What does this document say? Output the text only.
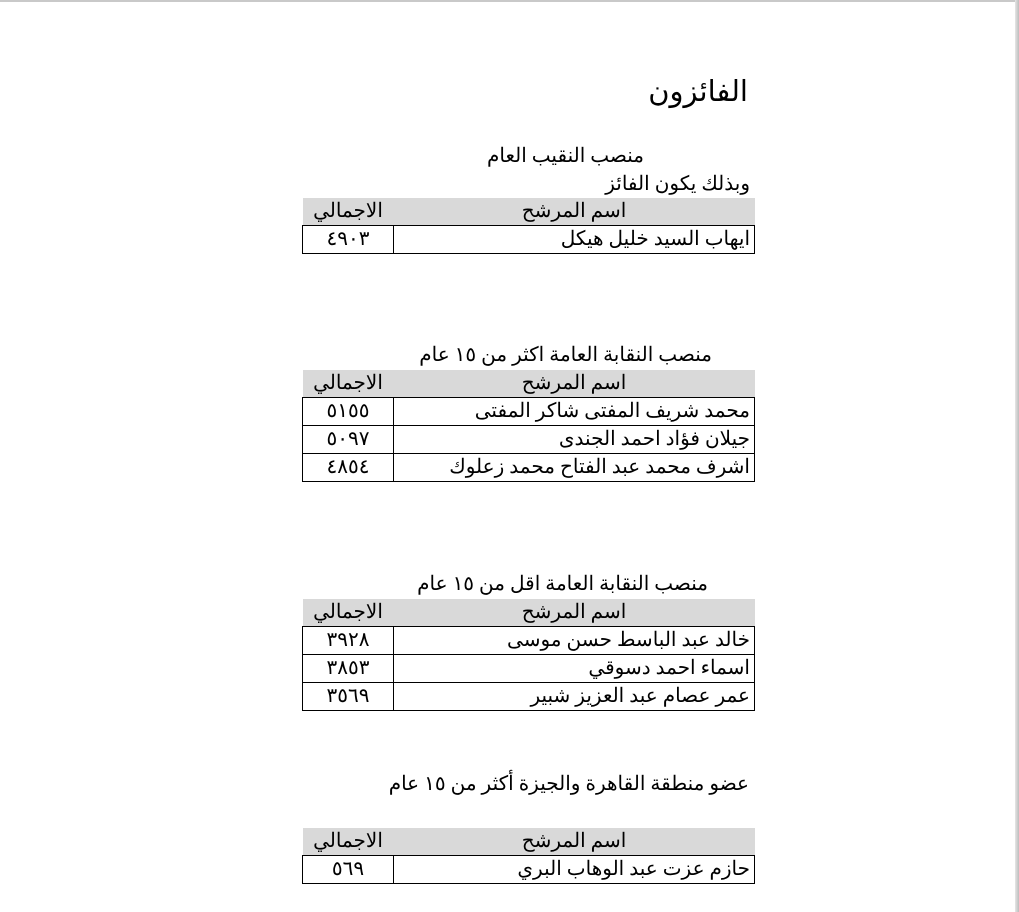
الفائزون
منصب النقيب العام
وبذلك يكون الفائز
اسم المرشح	الاجمالي
ايهاب السيد خليل هيكل	٤٩٠٣
منصب النقابة العامة اكثر من ١٥ عام
اسم المرشح	الاجمالي
محمد شريف المفتى شاكر المفتى	٥١٥٥
جيلان فؤاد احمد الجندى	٥٠٩٧
اشرف محمد عبد الفتاح محمد زعلوك	٤٨٥٤
منصب النقابة العامة اقل من ١٥ عام
اسم المرشح	الاجمالي
خالد عبد الباسط حسن موسى	٣٩٢٨
اسماء احمد دسوقي	٣٨٥٣
عمر عصام عبد العزيز شبير	٣٥٦٩
عضو منطقة القاهرة والجيزة أكثر من ١٥ عام
اسم المرشح	الاجمالي
حازم عزت عبد الوهاب البري	٥٦٩
